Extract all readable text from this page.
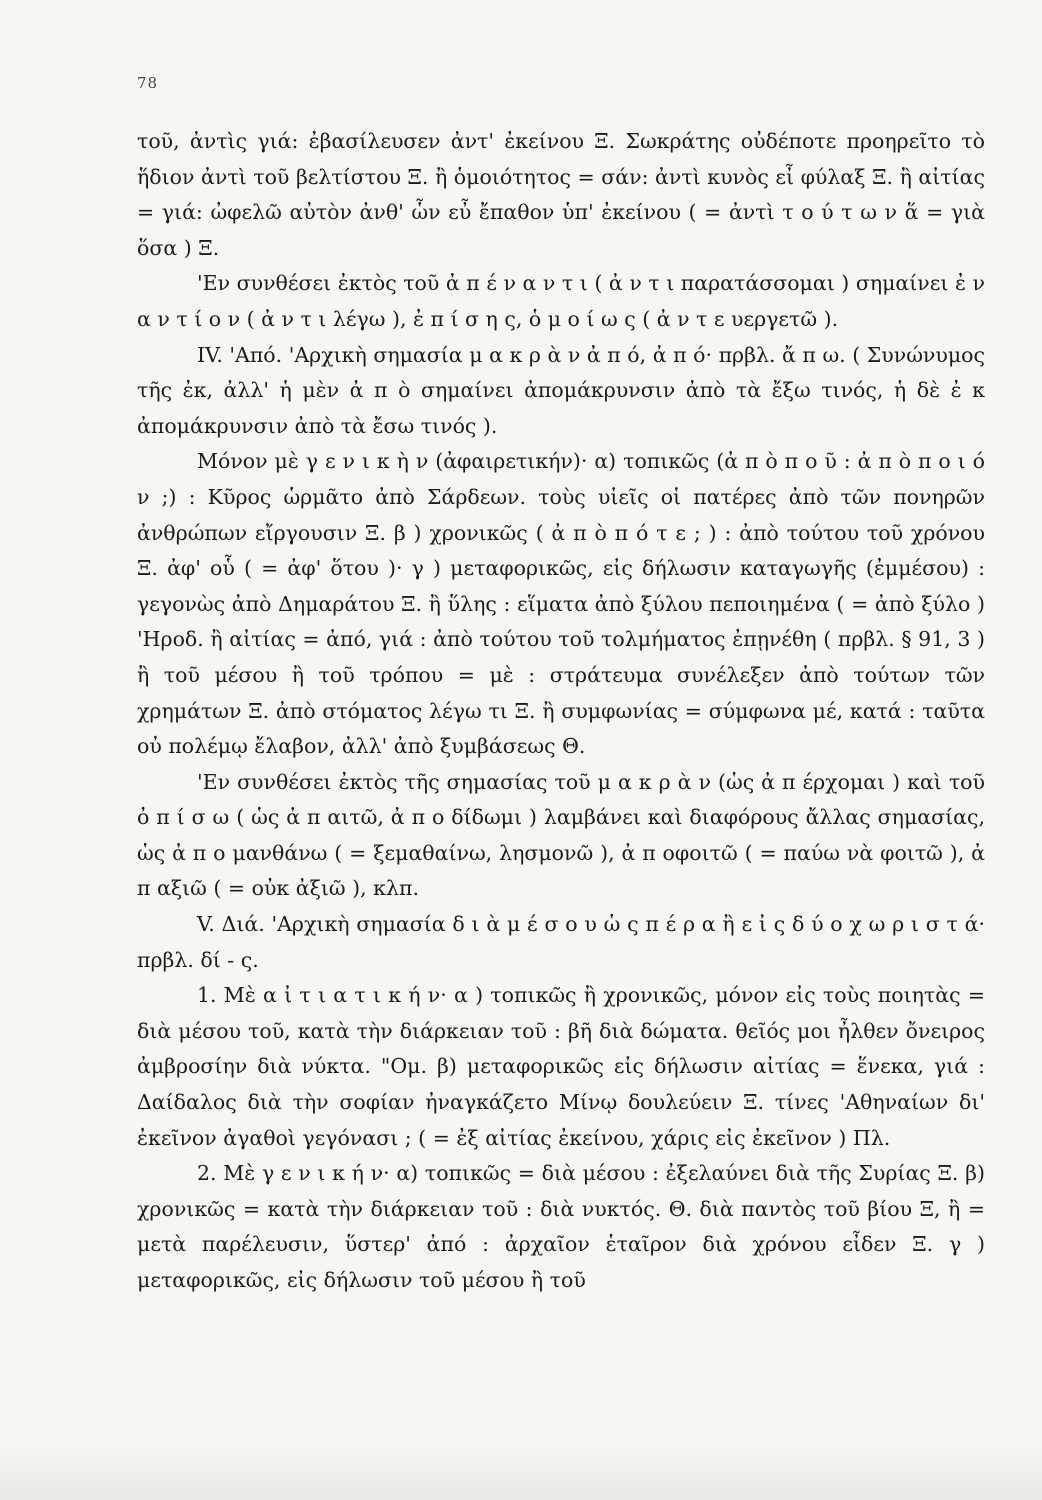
78

τοῦ, ἀντὶς γιά: ἐβασίλευσεν ἀντ' ἐκείνου Ξ. Σωκράτης οὐδέποτε προηρεῖτο τὸ ἥδιον ἀντὶ τοῦ βελτίστου Ξ. ἢ ὁμοιότητος = σάν: ἀντὶ κυνὸς εἶ φύλαξ Ξ. ἢ αἰτίας = γιά: ὠφελῶ αὐτὸν ἀνθ' ὧν εὖ ἔπαθον ὑπ' ἐκείνου ( = ἀντὶ τ ο ύ τ ω ν ἅ = γιὰ ὅσα ) Ξ.

'Εν συνθέσει ἐκτὸς τοῦ ἀ π έ ν α ν τ ι ( ἀ ν τ ι παρατάσσομαι ) σημαίνει ἐ ν α ν τ ί ο ν ( ἀ ν τ ι λέγω ), ἐ π ί σ η ς, ὁ μ ο ί ω ς ( ἀ ν τ ε υεργετῶ ).

IV. 'Από. 'Αρχικὴ σημασία μ α κ ρ ὰ ν ἀ π ό, ἀ π ό· πρβλ. ἄ π ω. ( Συνώνυμος τῆς ἐκ, ἀλλ' ἡ μὲν ἀ π ὸ σημαίνει ἀπομάκρυνσιν ἀπὸ τὰ ἔξω τινός, ἡ δὲ ἐ κ ἀπομάκρυνσιν ἀπὸ τὰ ἔσω τινός ).

Μόνον μὲ γ ε ν ι κ ὴ ν (ἀφαιρετικήν)· α) τοπικῶς (ἀ π ὸ π ο ῦ : ἀ π ὸ π ο ι ό ν ;) : Κῦρος ὡρμᾶτο ἀπὸ Σάρδεων. τοὺς υἱεῖς οἱ πατέρες ἀπὸ τῶν πονηρῶν ἀνθρώπων εἴργουσιν Ξ. β ) χρονικῶς ( ἀ π ὸ π ό τ ε ; ) : ἀπὸ τούτου τοῦ χρόνου Ξ. ἀφ' οὗ ( = ἀφ' ὅτου )· γ ) μεταφορικῶς, εἰς δήλωσιν καταγωγῆς (ἐμμέσου) : γεγονὼς ἀπὸ Δημαράτου Ξ. ἢ ὕλης : εἵματα ἀπὸ ξύλου πεποιημένα ( = ἀπὸ ξύλο ) 'Ηροδ. ἢ αἰτίας = ἀπό, γιά : ἀπὸ τούτου τοῦ τολμήματος ἐπῃνέθη ( πρβλ. § 91, 3 ) ἢ τοῦ μέσου ἢ τοῦ τρόπου = μὲ : στράτευμα συνέλεξεν ἀπὸ τούτων τῶν χρημάτων Ξ. ἀπὸ στόματος λέγω τι Ξ. ἢ συμφωνίας = σύμφωνα μέ, κατά : ταῦτα οὐ πολέμῳ ἔλαβον, ἀλλ' ἀπὸ ξυμβάσεως Θ.

'Εν συνθέσει ἐκτὸς τῆς σημασίας τοῦ μ α κ ρ ὰ ν (ὡς ἀ π έρχομαι ) καὶ τοῦ ὀ π ί σ ω ( ὡς ἀ π αιτῶ, ἀ π ο δίδωμι ) λαμβάνει καὶ διαφόρους ἄλλας σημασίας, ὡς ἀ π ο μανθάνω ( = ξεμαθαίνω, λησμονῶ ), ἀ π οφοιτῶ ( = παύω νὰ φοιτῶ ), ἀ π αξιῶ ( = οὐκ ἀξιῶ ), κλπ.

V. Διά. 'Αρχικὴ σημασία δ ι ὰ μ έ σ ο υ ὡ ς π έ ρ α ἢ ε ἰ ς δ ύ ο χ ω ρ ι σ τ ά· πρβλ. δί - ς.

1. Μὲ α ἰ τ ι α τ ι κ ή ν· α ) τοπικῶς ἢ χρονικῶς, μόνον εἰς τοὺς ποιητὰς = διὰ μέσου τοῦ, κατὰ τὴν διάρκειαν τοῦ : βῆ διὰ δώματα. θεῖός μοι ἦλθεν ὄνειρος ἀμβροσίην διὰ νύκτα. "Ομ. β) μεταφορικῶς εἰς δήλωσιν αἰτίας = ἕνεκα, γιά : Δαίδαλος διὰ τὴν σοφίαν ἠναγκάζετο Μίνῳ δουλεύειν Ξ. τίνες 'Αθηναίων δι' ἐκεῖνον ἀγαθοὶ γεγόνασι ; ( = ἐξ αἰτίας ἐκείνου, χάρις εἰς ἐκεῖνον ) Πλ.

2. Μὲ γ ε ν ι κ ή ν· α) τοπικῶς = διὰ μέσου : ἐξελαύνει διὰ τῆς Συρίας Ξ. β) χρονικῶς = κατὰ τὴν διάρκειαν τοῦ : διὰ νυκτός. Θ. διὰ παντὸς τοῦ βίου Ξ, ἢ = μετὰ παρέλευσιν, ὕστερ' ἀπό : ἀρχαῖον ἑταῖρον διὰ χρόνου εἶδεν Ξ. γ ) μεταφορικῶς, εἰς δήλωσιν τοῦ μέσου ἢ τοῦ
